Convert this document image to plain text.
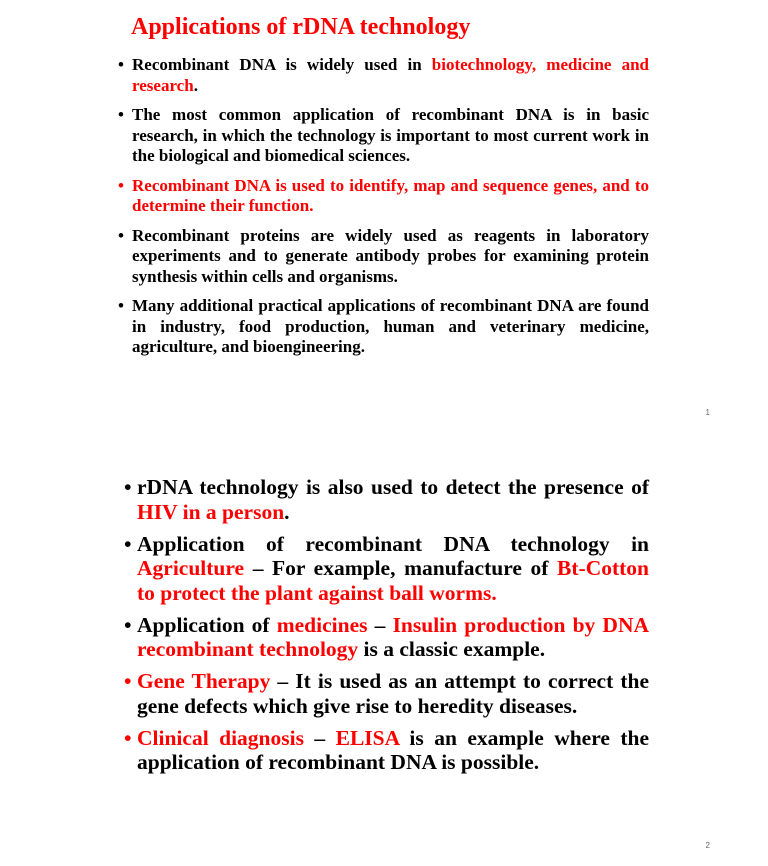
Applications of rDNA technology
• Recombinant DNA is widely used in biotechnology, medicine and research.
• The most common application of recombinant DNA is in basic research, in which the technology is important to most current work in the biological and biomedical sciences.
• Recombinant DNA is used to identify, map and sequence genes, and to determine their function.
• Recombinant proteins are widely used as reagents in laboratory experiments and to generate antibody probes for examining protein synthesis within cells and organisms.
• Many additional practical applications of recombinant DNA are found in industry, food production, human and veterinary medicine, agriculture, and bioengineering.
1
• rDNA technology is also used to detect the presence of HIV in a person.
• Application of recombinant DNA technology in Agriculture – For example, manufacture of Bt-Cotton to protect the plant against ball worms.
• Application of medicines – Insulin production by DNA recombinant technology is a classic example.
• Gene Therapy – It is used as an attempt to correct the gene defects which give rise to heredity diseases.
• Clinical diagnosis – ELISA is an example where the application of recombinant DNA is possible.
2
